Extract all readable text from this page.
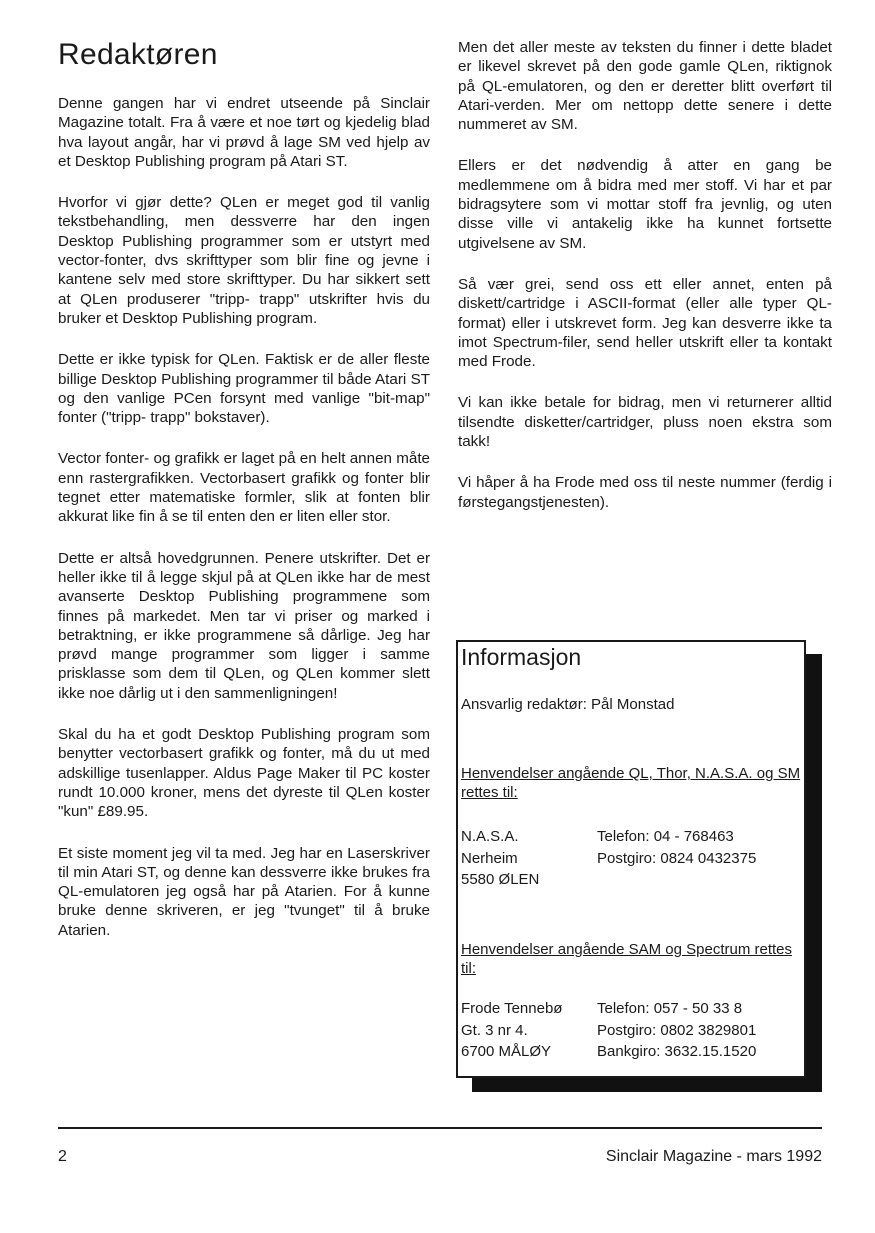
Redaktøren

Denne gangen har vi endret utseende på Sinclair Magazine totalt. Fra å være et noe tørt og kjedelig blad hva layout angår, har vi prøvd å lage SM ved hjelp av et Desktop Publishing program på Atari ST.

Hvorfor vi gjør dette? QLen er meget god til vanlig tekstbehandling, men dessverre har den ingen Desktop Publishing programmer som er utstyrt med vector-fonter, dvs skrifttyper som blir fine og jevne i kantene selv med store skrifttyper. Du har sikkert sett at QLen produserer "tripp- trapp" utskrifter hvis du bruker et Desktop Publishing program.

Dette er ikke typisk for QLen. Faktisk er de aller fleste billige Desktop Publishing programmer til både Atari ST og den vanlige PCen forsynt med vanlige "bit-map" fonter ("tripp- trapp" bokstaver).

Vector fonter- og grafikk er laget på en helt annen måte enn rastergrafikken. Vectorbasert grafikk og fonter blir tegnet etter matematiske formler, slik at fonten blir akkurat like fin å se til enten den er liten eller stor.

Dette er altså hovedgrunnen. Penere utskrifter. Det er heller ikke til å legge skjul på at QLen ikke har de mest avanserte Desktop Publishing programmene som finnes på markedet. Men tar vi priser og marked i betraktning, er ikke programmene så dårlige. Jeg har prøvd mange programmer som ligger i samme prisklasse som dem til QLen, og QLen kommer slett ikke noe dårlig ut i den sammenligningen!

Skal du ha et godt Desktop Publishing program som benytter vectorbasert grafikk og fonter, må du ut med adskillige tusenlapper. Aldus Page Maker til PC koster rundt 10.000 kroner, mens det dyreste til QLen koster "kun" £89.95.

Et siste moment jeg vil ta med. Jeg har en Laserskriver til min Atari ST, og denne kan dessverre ikke brukes fra QL-emulatoren jeg også har på Atarien. For å kunne bruke denne skriveren, er jeg "tvunget" til å bruke Atarien.

Men det aller meste av teksten du finner i dette bladet er likevel skrevet på den gode gamle QLen, riktignok på QL-emulatoren, og den er deretter blitt overført til Atari-verden. Mer om nettopp dette senere i dette nummeret av SM.

Ellers er det nødvendig å atter en gang be medlemmene om å bidra med mer stoff. Vi har et par bidragsytere som vi mottar stoff fra jevnlig, og uten disse ville vi antakelig ikke ha kunnet fortsette utgivelsene av SM.

Så vær grei, send oss ett eller annet, enten på diskett/cartridge i ASCII-format (eller alle typer QL- format) eller i utskrevet form. Jeg kan desverre ikke ta imot Spectrum-filer, send heller utskrift eller ta kontakt med Frode.

Vi kan ikke betale for bidrag, men vi returnerer alltid tilsendte disketter/cartridger, pluss noen ekstra som takk!

Vi håper å ha Frode med oss til neste nummer (ferdig i førstegangstjenesten).

Informasjon
Ansvarlig redaktør: Pål Monstad
Henvendelser angående QL, Thor, N.A.S.A. og SM rettes til:
N.A.S.A.	Telefon: 04 - 768463
Nerheim	Postgiro: 0824 0432375
5580 ØLEN
Henvendelser angående SAM og Spectrum rettes til:
Frode Tennebø Telefon: 057 - 50 33 8
Gt. 3 nr 4.	Postgiro: 0802 3829801
6700 MÅLØY	Bankgiro: 3632.15.1520
2	Sinclair Magazine - mars 1992
